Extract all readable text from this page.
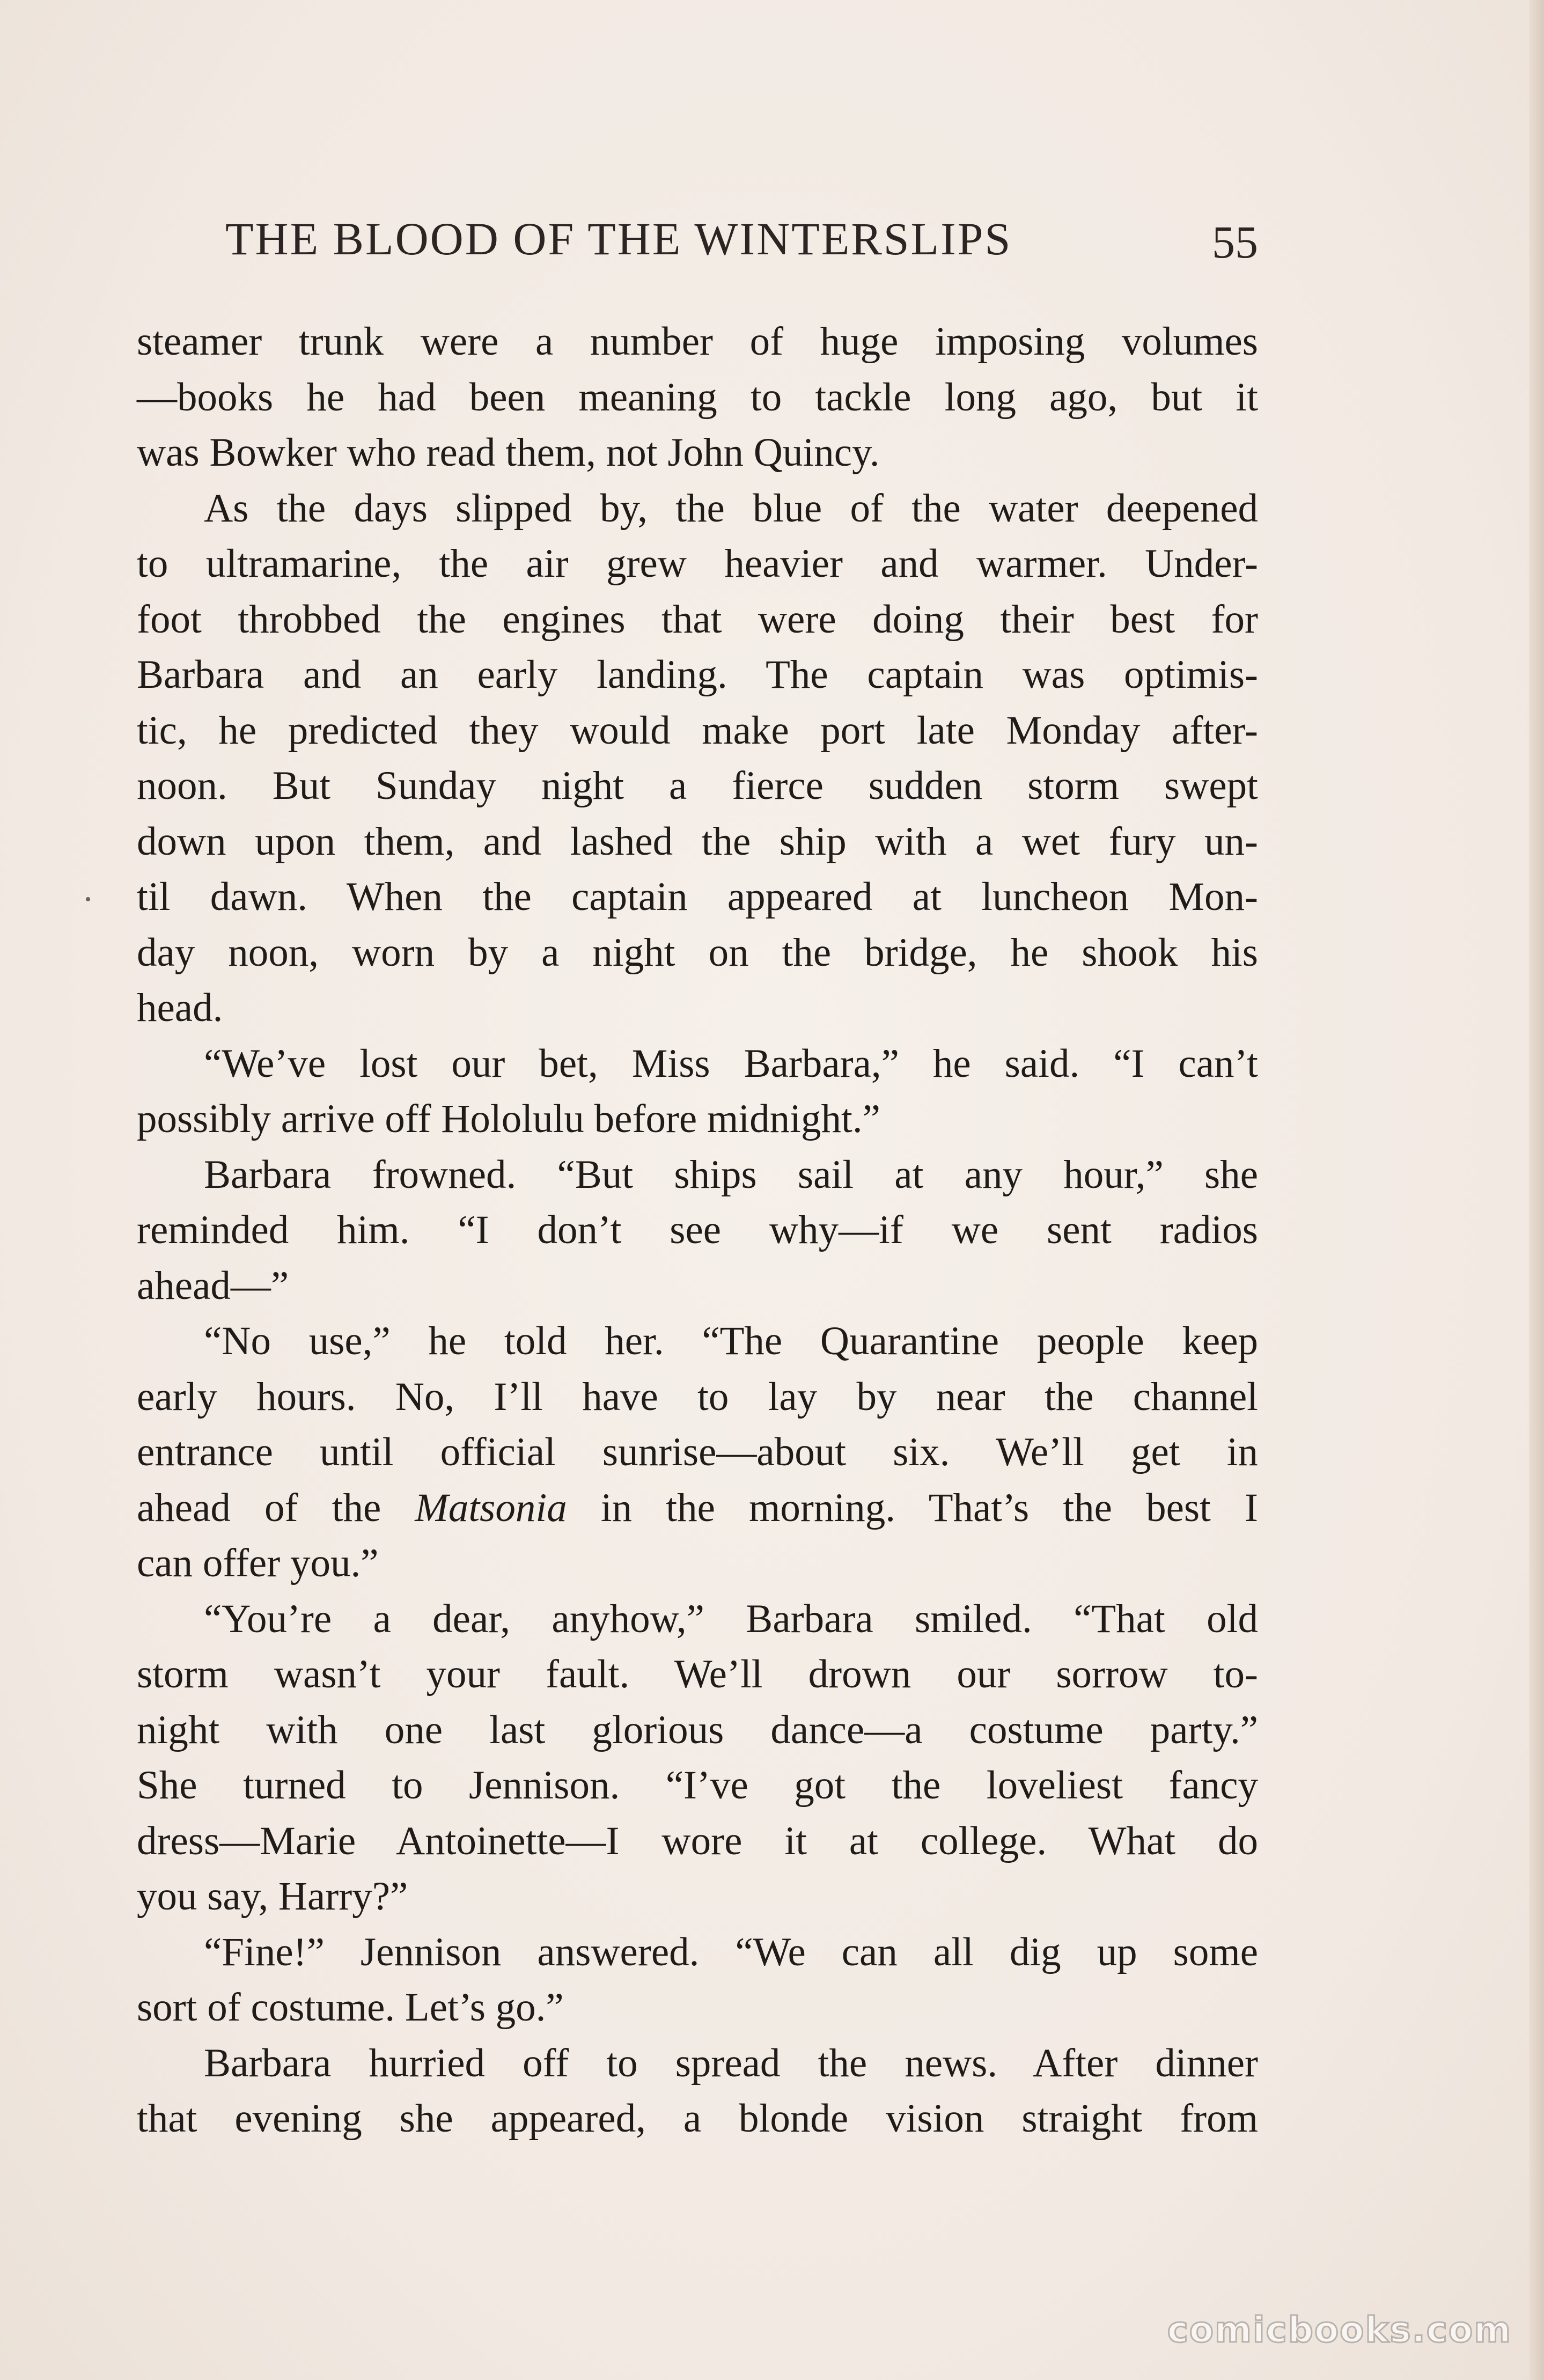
THE BLOOD OF THE WINTERSLIPS	55
steamer trunk were a number of huge imposing volumes
—books he had been meaning to tackle long ago, but it
was Bowker who read them, not John Quincy.
As the days slipped by, the blue of the water deepened
to ultramarine, the air grew heavier and warmer. Under-
foot throbbed the engines that were doing their best for
Barbara and an early landing. The captain was optimis-
tic, he predicted they would make port late Monday after-
noon. But Sunday night a fierce sudden storm swept
down upon them, and lashed the ship with a wet fury un-
til dawn. When the captain appeared at luncheon Mon-
day noon, worn by a night on the bridge, he shook his
head.
“We’ve lost our bet, Miss Barbara,” he said. “I can’t
possibly arrive off Hololulu before midnight.”
Barbara frowned. “But ships sail at any hour,” she
reminded him. “I don’t see why—if we sent radios
ahead—”
“No use,” he told her. “The Quarantine people keep
early hours. No, I’ll have to lay by near the channel
entrance until official sunrise—about six. We’ll get in
ahead of the Matsonia in the morning. That’s the best I
can offer you.”
“You’re a dear, anyhow,” Barbara smiled. “That old
storm wasn’t your fault. We’ll drown our sorrow to-
night with one last glorious dance—a costume party.”
She turned to Jennison. “I’ve got the loveliest fancy
dress—Marie Antoinette—I wore it at college. What do
you say, Harry?”
“Fine!” Jennison answered. “We can all dig up some
sort of costume. Let’s go.”
Barbara hurried off to spread the news. After dinner
that evening she appeared, a blonde vision straight from
comicbooks.com
